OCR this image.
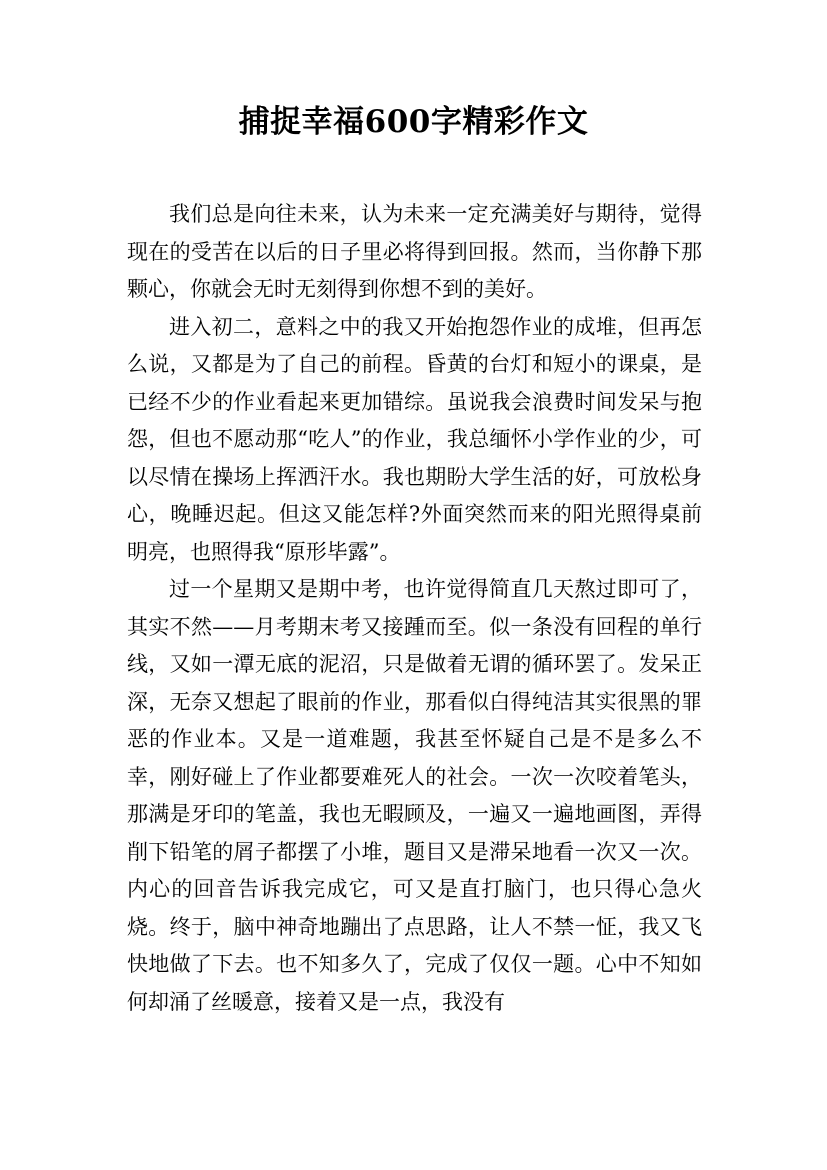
捕捉幸福600字精彩作文

我们总是向往未来，认为未来一定充满美好与期待，觉得现在的受苦在以后的日子里必将得到回报。然而，当你静下那颗心，你就会无时无刻得到你想不到的美好。

进入初二，意料之中的我又开始抱怨作业的成堆，但再怎么说，又都是为了自己的前程。昏黄的台灯和短小的课桌，是已经不少的作业看起来更加错综。虽说我会浪费时间发呆与抱怨，但也不愿动那“吃人”的作业，我总缅怀小学作业的少，可以尽情在操场上挥洒汗水。我也期盼大学生活的好，可放松身心，晚睡迟起。但这又能怎样?外面突然而来的阳光照得桌前明亮，也照得我“原形毕露”。

过一个星期又是期中考，也许觉得简直几天熬过即可了，其实不然——月考期末考又接踵而至。似一条没有回程的单行线，又如一潭无底的泥沼，只是做着无谓的循环罢了。发呆正深，无奈又想起了眼前的作业，那看似白得纯洁其实很黑的罪恶的作业本。又是一道难题，我甚至怀疑自己是不是多么不幸，刚好碰上了作业都要难死人的社会。一次一次咬着笔头，那满是牙印的笔盖，我也无暇顾及，一遍又一遍地画图，弄得削下铅笔的屑子都摆了小堆，题目又是滞呆地看一次又一次。内心的回音告诉我完成它，可又是直打脑门，也只得心急火烧。终于，脑中神奇地蹦出了点思路，让人不禁一怔，我又飞快地做了下去。也不知多久了，完成了仅仅一题。心中不知如何却涌了丝暖意，接着又是一点，我没有
